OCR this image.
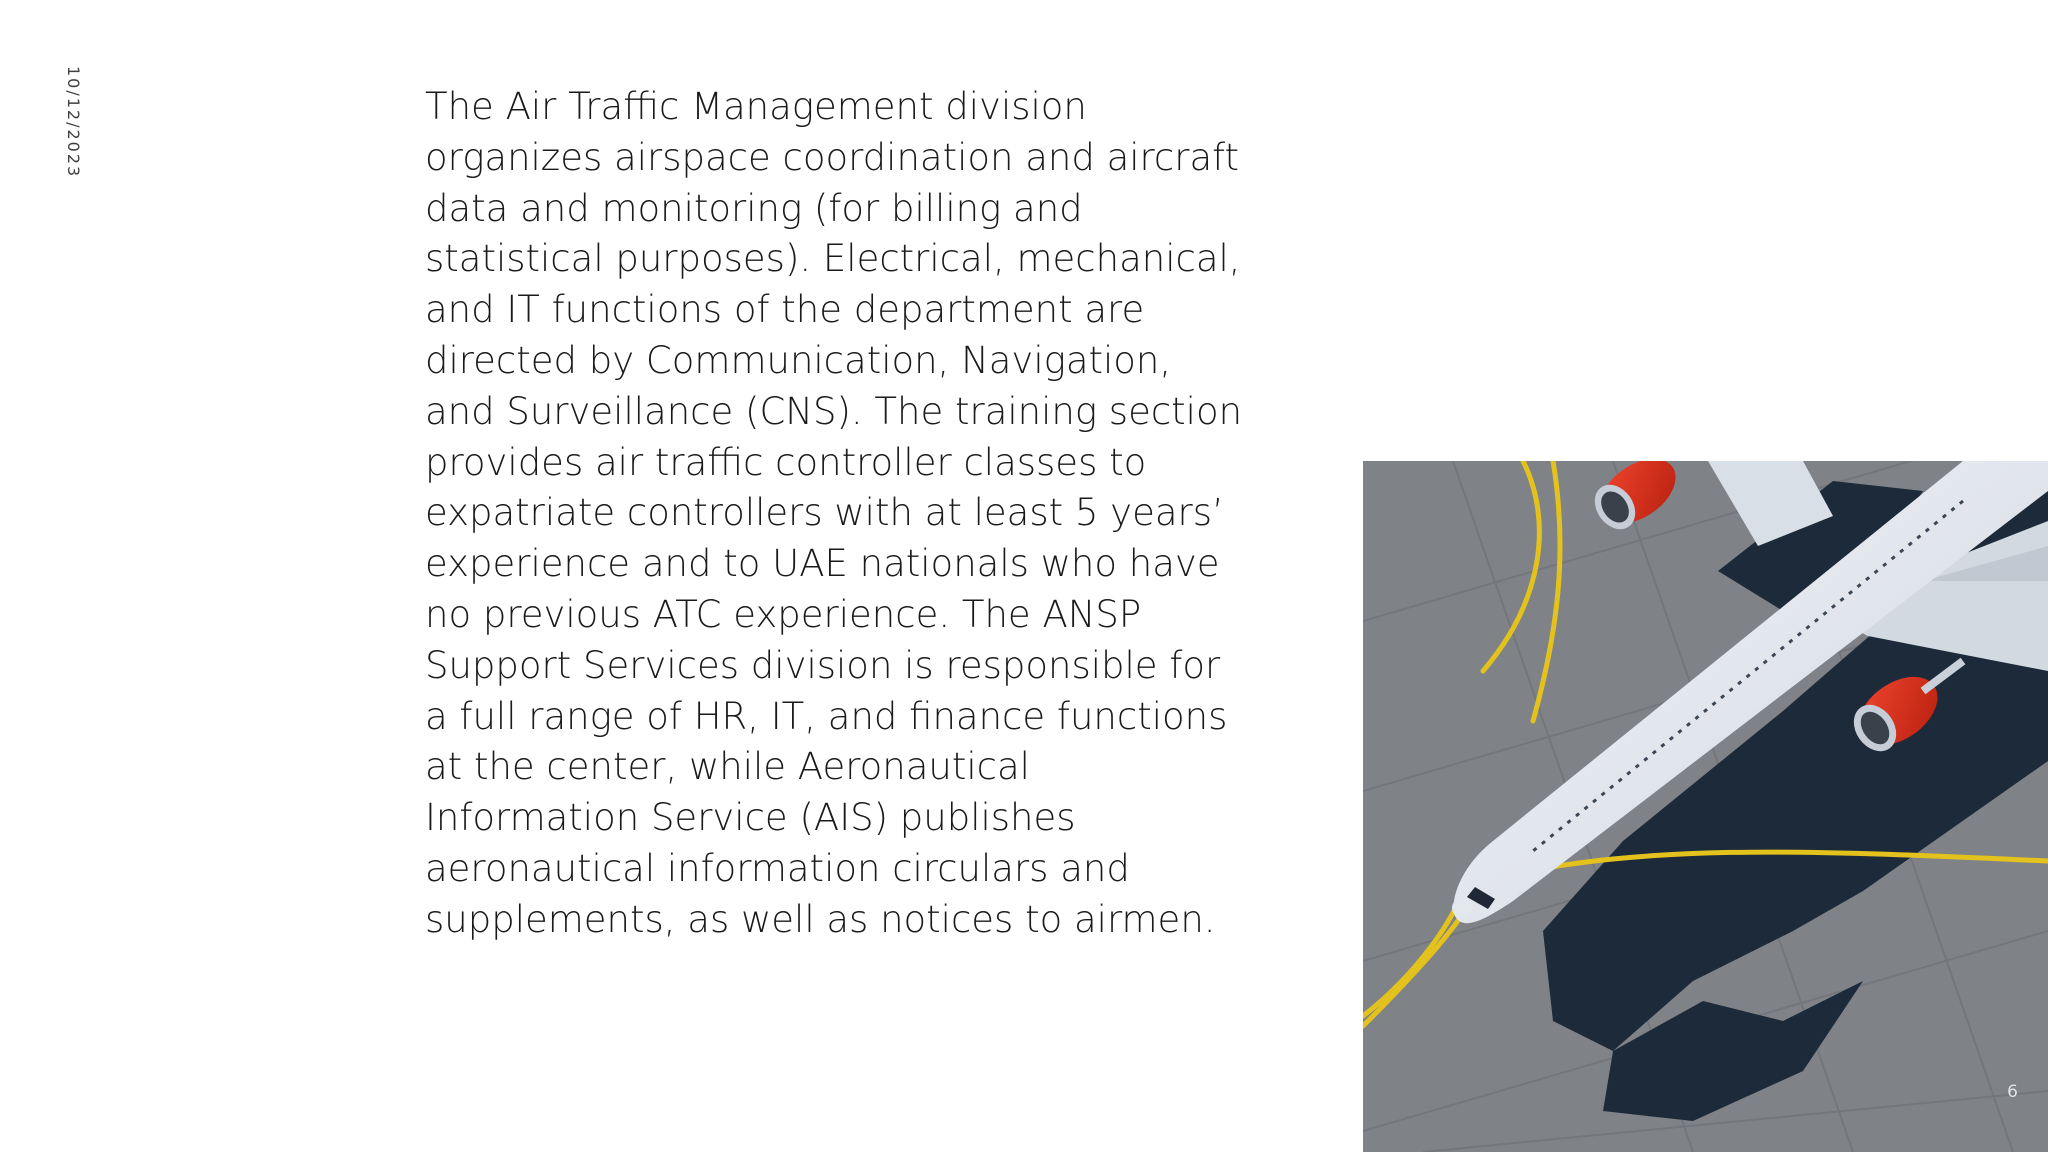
10/12/2023	The Air Traffic Management division organizes airspace coordination and aircraft data and monitoring (for billing and statistical purposes). Electrical, mechanical, and IT functions of the department are directed by Communication, Navigation, and Surveillance (CNS). The training section provides air traffic controller classes to expatriate controllers with at least 5 years’ experience and to UAE nationals who have no previous ATC experience. The ANSP Support Services division is responsible for a full range of HR, IT, and finance functions at the center, while Aeronautical Information Service (AIS) publishes aeronautical information circulars and supplements, as well as notices to airmen.

6
